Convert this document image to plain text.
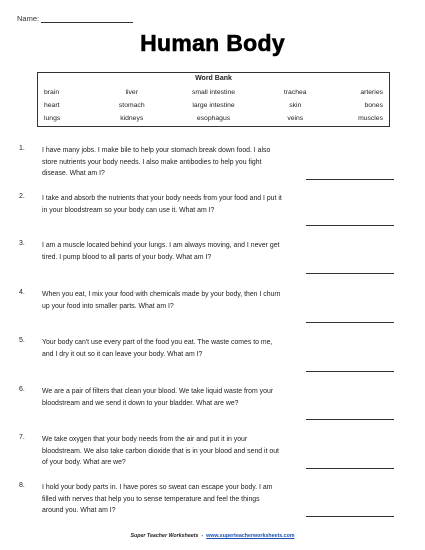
Name:
Human Body
Word Bank
brain	liver	small intestine	trachea	arteries
heart	stomach	large intestine	skin	bones
lungs	kidneys	esophagus	veins	muscles
1. I have many jobs. I make bile to help your stomach break down food. I also store nutrients your body needs. I also make antibodies to help you fight disease. What am I?
2. I take and absorb the nutrients that your body needs from your food and I put it in your bloodstream so your body can use it. What am I?
3. I am a muscle located behind your lungs. I am always moving, and I never get tired. I pump blood to all parts of your body. What am I?
4. When you eat, I mix your food with chemicals made by your body, then I churn up your food into smaller parts. What am I?
5. Your body can't use every part of the food you eat. The waste comes to me, and I dry it out so it can leave your body. What am I?
6. We are a pair of filters that clean your blood. We take liquid waste from your bloodstream and we send it down to your bladder. What are we?
7. We take oxygen that your body needs from the air and put it in your bloodstream. We also take carbon dioxide that is in your blood and send it out of your body. What are we?
8. I hold your body parts in. I have pores so sweat can escape your body. I am filled with nerves that help you to sense temperature and feel the things around you. What am I?
Super Teacher Worksheets - www.superteacherworksheets.com
